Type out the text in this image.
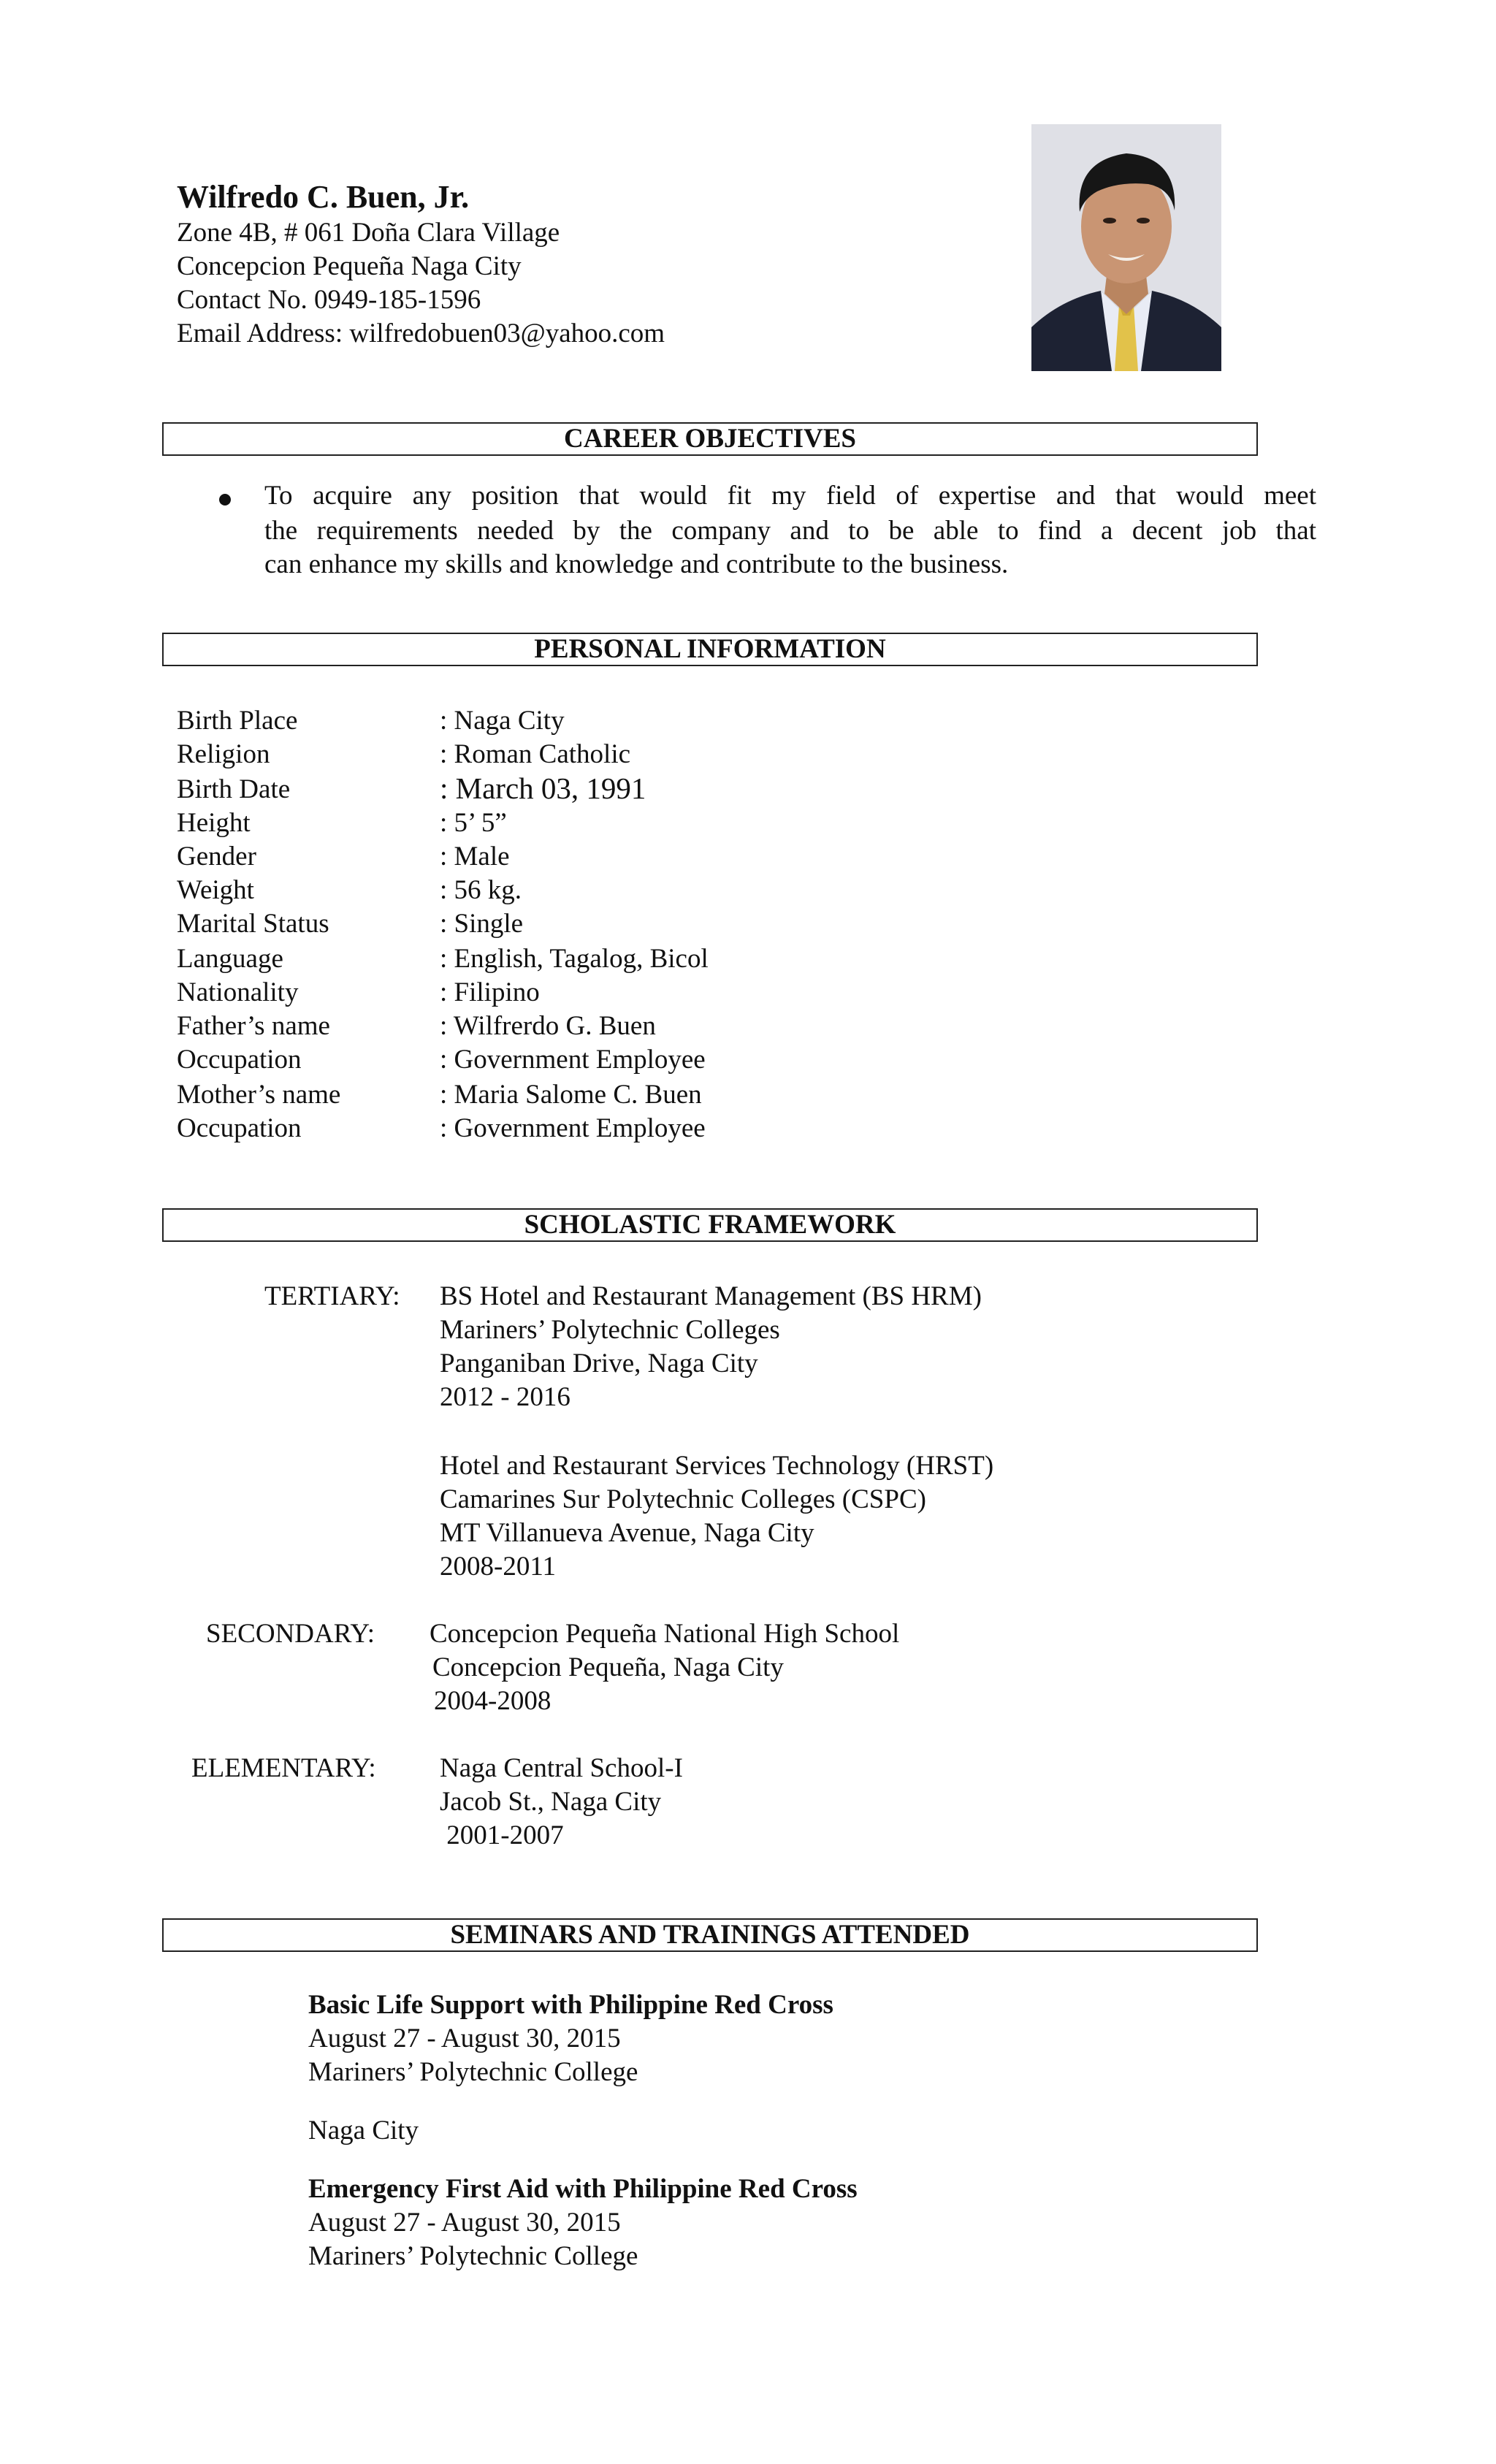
Wilfredo C. Buen, Jr.
Zone 4B, # 061 Doña Clara Village
Concepcion Pequeña Naga City
Contact No. 0949-185-1596
Email Address: wilfredobuen03@yahoo.com
CAREER OBJECTIVES
To acquire any position that would fit my field of expertise and that would meet
the requirements needed by the company and to be able to find a decent job that
can enhance my skills and knowledge and contribute to the business.
PERSONAL INFORMATION
Birth Place	: Naga City
Religion	: Roman Catholic
Birth Date	: March 03, 1991
Height	: 5’ 5”
Gender	: Male
Weight	: 56 kg.
Marital Status	: Single
Language	: English, Tagalog, Bicol
Nationality	: Filipino
Father’s name	: Wilfrerdo G. Buen
Occupation	: Government Employee
Mother’s name	: Maria Salome C. Buen
Occupation	: Government Employee
SCHOLASTIC FRAMEWORK
TERTIARY: BS Hotel and Restaurant Management (BS HRM)
Mariners’ Polytechnic Colleges
Panganiban Drive, Naga City
2012 - 2016
Hotel and Restaurant Services Technology (HRST)
Camarines Sur Polytechnic Colleges (CSPC)
MT Villanueva Avenue, Naga City
2008-2011
SECONDARY: Concepcion Pequeña National High School
Concepcion Pequeña, Naga City
2004-2008
ELEMENTARY: Naga Central School-I
Jacob St., Naga City
2001-2007
SEMINARS AND TRAININGS ATTENDED
Basic Life Support with Philippine Red Cross
August 27 - August 30, 2015
Mariners’ Polytechnic College
Naga City
Emergency First Aid with Philippine Red Cross
August 27 - August 30, 2015
Mariners’ Polytechnic College
